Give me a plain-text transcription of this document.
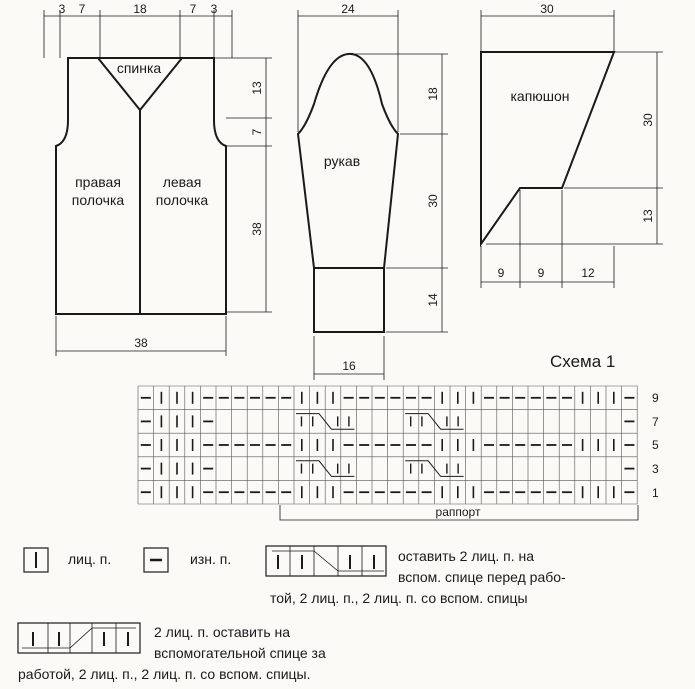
3 7	18	7 3
спинка
правая
полочка
левая
полочка
13
7
38
38
24
рукав
18
30
14
16
30
капюшон
30
13
9	9	12
Схема 1
9
7
5
3
1
раппорт
лиц. п.	изн. п.	оставить 2 лиц. п. на
вспом. спице перед рабо-
той, 2 лиц. п., 2 лиц. п. со вспом. спицы
2 лиц. п. оставить на
вспомогательной спице за
работой, 2 лиц. п., 2 лиц. п. со вспом. спицы.
